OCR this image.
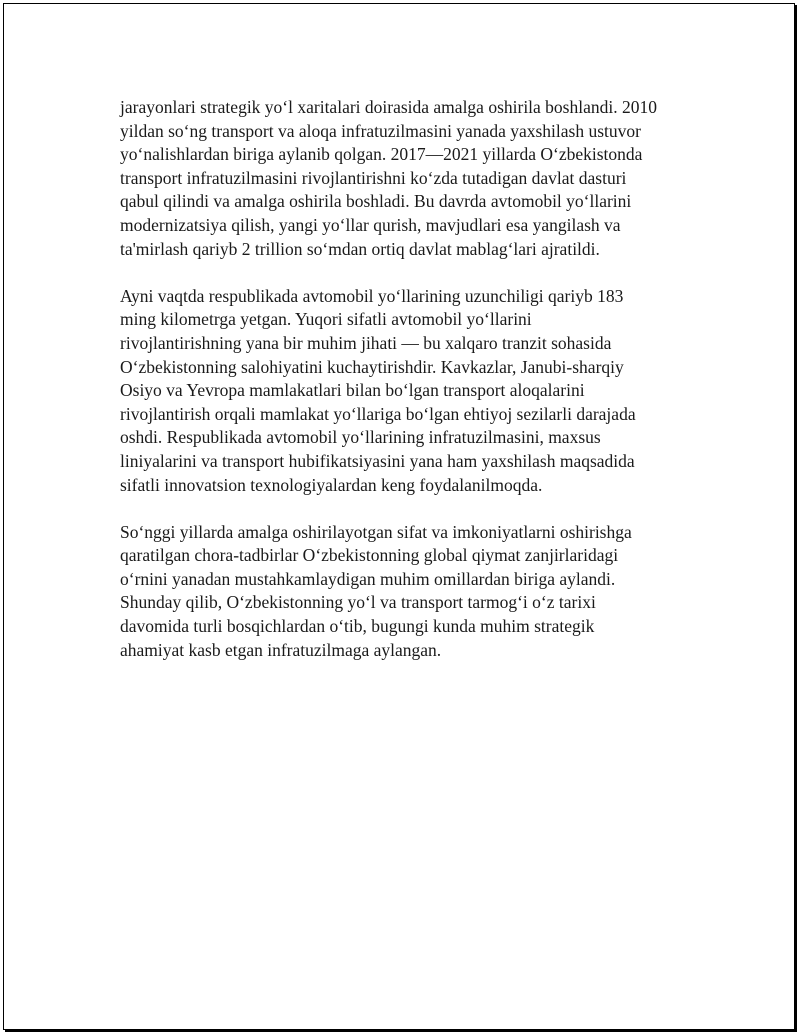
jarayonlari strategik yo‘l xaritalari doirasida amalga oshirila boshlandi. 2010
yildan so‘ng transport va aloqa infratuzilmasini yanada yaxshilash ustuvor
yo‘nalishlardan biriga aylanib qolgan. 2017—2021 yillarda O‘zbekistonda
transport infratuzilmasini rivojlantirishni ko‘zda tutadigan davlat dasturi
qabul qilindi va amalga oshirila boshladi. Bu davrda avtomobil yo‘llarini
modernizatsiya qilish, yangi yo‘llar qurish, mavjudlari esa yangilash va
ta'mirlash qariyb 2 trillion so‘mdan ortiq davlat mablag‘lari ajratildi.

Ayni vaqtda respublikada avtomobil yo‘llarining uzunchiligi qariyb 183
ming kilometrga yetgan. Yuqori sifatli avtomobil yo‘llarini
rivojlantirishning yana bir muhim jihati — bu xalqaro tranzit sohasida
O‘zbekistonning salohiyatini kuchaytirishdir. Kavkazlar, Janubi-sharqiy
Osiyo va Yevropa mamlakatlari bilan bo‘lgan transport aloqalarini
rivojlantirish orqali mamlakat yo‘llariga bo‘lgan ehtiyoj sezilarli darajada
oshdi. Respublikada avtomobil yo‘llarining infratuzilmasini, maxsus
liniyalarini va transport hubifikatsiyasini yana ham yaxshilash maqsadida
sifatli innovatsion texnologiyalardan keng foydalanilmoqda.

So‘nggi yillarda amalga oshirilayotgan sifat va imkoniyatlarni oshirishga
qaratilgan chora-tadbirlar O‘zbekistonning global qiymat zanjirlaridagi
o‘rnini yanadan mustahkamlaydigan muhim omillardan biriga aylandi.
Shunday qilib, O‘zbekistonning yo‘l va transport tarmog‘i o‘z tarixi
davomida turli bosqichlardan o‘tib, bugungi kunda muhim strategik
ahamiyat kasb etgan infratuzilmaga aylangan.
